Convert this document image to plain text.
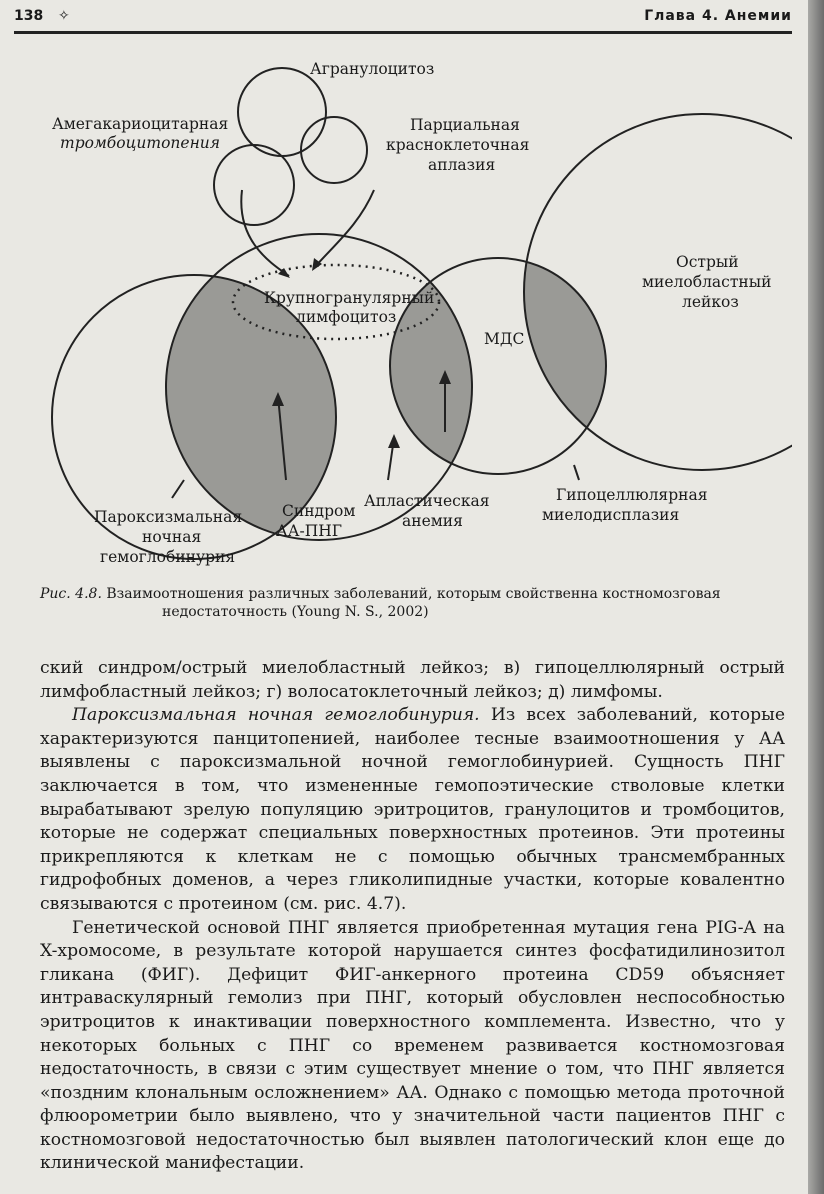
138 ✧	Глава 4. Анемии
Агранулоцитоз
Амегакариоцитарная
тромбоцитопения
Парциальная
красноклеточная
аплазия
Острый
миелобластный
лейкоз
Крупногранулярный
лимфоцитоз
МДС
Пароксизмальная
ночная
гемоглобинурия
Синдром
АА-ПНГ
Апластическая
анемия
Гипоцеллюлярная
миелодисплазия
Рис. 4.8. Взаимоотношения различных заболеваний, которым свойственна костномозговая
недостаточность (Young N. S., 2002)

ский синдром/острый миелобластный лейкоз; в) гипоцеллюлярный острый лимфобластный лейкоз; г) волосатоклеточный лейкоз; д) лимфомы.

Пароксизмальная ночная гемоглобинурия. Из всех заболеваний, которые характеризуются панцитопенией, наиболее тесные взаимоотношения у АА выявлены с пароксизмальной ночной гемоглобинурией. Сущность ПНГ заключается в том, что измененные гемопоэтические стволовые клетки вырабатывают зрелую популяцию эритроцитов, гранулоцитов и тромбоцитов, которые не содержат специальных поверхностных протеинов. Эти протеины прикрепляются к клеткам не с помощью обычных трансмембранных гидрофобных доменов, а через гликолипидные участки, которые ковалентно связываются с протеином (см. рис. 4.7).

Генетической основой ПНГ является приобретенная мутация гена PIG-A на X-хромосоме, в результате которой нарушается синтез фосфатидилинозитол гликана (ФИГ). Дефицит ФИГ-анкерного протеина CD59 объясняет интраваскулярный гемолиз при ПНГ, который обусловлен неспособностью эритроцитов к инактивации поверхностного комплемента. Известно, что у некоторых больных с ПНГ со временем развивается костномозговая недостаточность, в связи с этим существует мнение о том, что ПНГ является «поздним клональным осложнением» АА. Однако с помощью метода проточной флюорометрии было выявлено, что у значительной части пациентов ПНГ с костномозговой недостаточностью был выявлен патологический клон еще до клинической манифестации.
